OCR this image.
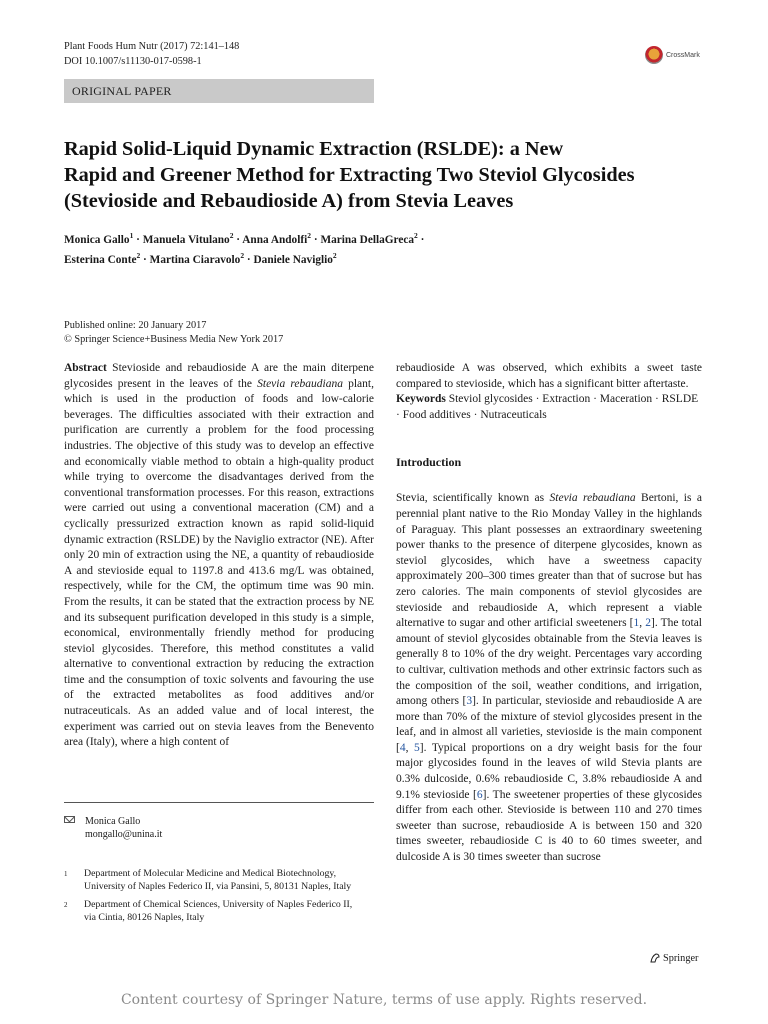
Plant Foods Hum Nutr (2017) 72:141–148
DOI 10.1007/s11130-017-0598-1
CrossMark
ORIGINAL PAPER
Rapid Solid-Liquid Dynamic Extraction (RSLDE): a New
Rapid and Greener Method for Extracting Two Steviol Glycosides
(Stevioside and Rebaudioside A) from Stevia Leaves
Monica Gallo$^1$ · Manuela Vitulano$^2$ · Anna Andolfi$^2$ · Marina DellaGreca$^2$ ·
Esterina Conte$^2$ · Martina Ciaravolo$^2$ · Daniele Naviglio$^2$
Published online: 20 January 2017
© Springer Science+Business Media New York 2017

Abstract Stevioside and rebaudioside A are the main diterpene glycosides present in the leaves of the Stevia rebaudiana plant, which is used in the production of foods and low-calorie beverages. The difficulties associated with their extraction and purification are currently a problem for the food processing industries. The objective of this study was to develop an effective and economically viable method to obtain a high-quality product while trying to overcome the disadvantages derived from the conventional transformation processes. For this reason, extractions were carried out using a conventional maceration (CM) and a cyclically pressurized extraction known as rapid solid-liquid dynamic extraction (RSLDE) by the Naviglio extractor (NE). After only 20 min of extraction using the NE, a quantity of rebaudioside A and stevioside equal to 1197.8 and 413.6 mg/L was obtained, respectively, while for the CM, the optimum time was 90 min. From the results, it can be stated that the extraction process by NE and its subsequent purification developed in this study is a simple, economical, environmentally friendly method for producing steviol glycosides. Therefore, this method constitutes a valid alternative to conventional extraction by reducing the extraction time and the consumption of toxic solvents and favouring the use of the extracted metabolites as food additives and/or nutraceuticals. As an added value and of local interest, the experiment was carried out on stevia leaves from the Benevento area (Italy), where a high content of

rebaudioside A was observed, which exhibits a sweet taste compared to stevioside, which has a significant bitter aftertaste.

Keywords Steviol glycosides · Extraction · Maceration · RSLDE · Food additives · Nutraceuticals

Introduction

Stevia, scientifically known as Stevia rebaudiana Bertoni, is a perennial plant native to the Rio Monday Valley in the highlands of Paraguay. This plant possesses an extraordinary sweetening power thanks to the presence of diterpene glycosides, known as steviol glycosides, which have a sweetness capacity approximately 200–300 times greater than that of sucrose but has zero calories. The main components of steviol glycosides are stevioside and rebaudioside A, which represent a viable alternative to sugar and other artificial sweeteners [1, 2]. The total amount of steviol glycosides obtainable from the Stevia leaves is generally 8 to 10% of the dry weight. Percentages vary according to cultivar, cultivation methods and other extrinsic factors such as the composition of the soil, weather conditions, and irrigation, among others [3]. In particular, stevioside and rebaudioside A are more than 70% of the mixture of steviol glycosides present in the leaf, and in almost all varieties, stevioside is the main component [4, 5]. Typical proportions on a dry weight basis for the four major glycosides found in the leaves of wild Stevia plants are 0.3% dulcoside, 0.6% rebaudioside C, 3.8% rebaudioside A and 9.1% stevioside [6]. The sweetener properties of these glycosides differ from each other. Stevioside is between 110 and 270 times sweeter than sucrose, rebaudioside A is between 150 and 320 times sweeter, rebaudioside C is 40 to 60 times sweeter, and dulcoside A is 30 times sweeter than sucrose

Monica Gallo
mongallo@unina.it
1 Department of Molecular Medicine and Medical Biotechnology, University of Naples Federico II, via Pansini, 5, 80131 Naples, Italy
2 Department of Chemical Sciences, University of Naples Federico II, via Cintia, 80126 Naples, Italy
Springer
Content courtesy of Springer Nature, terms of use apply. Rights reserved.
